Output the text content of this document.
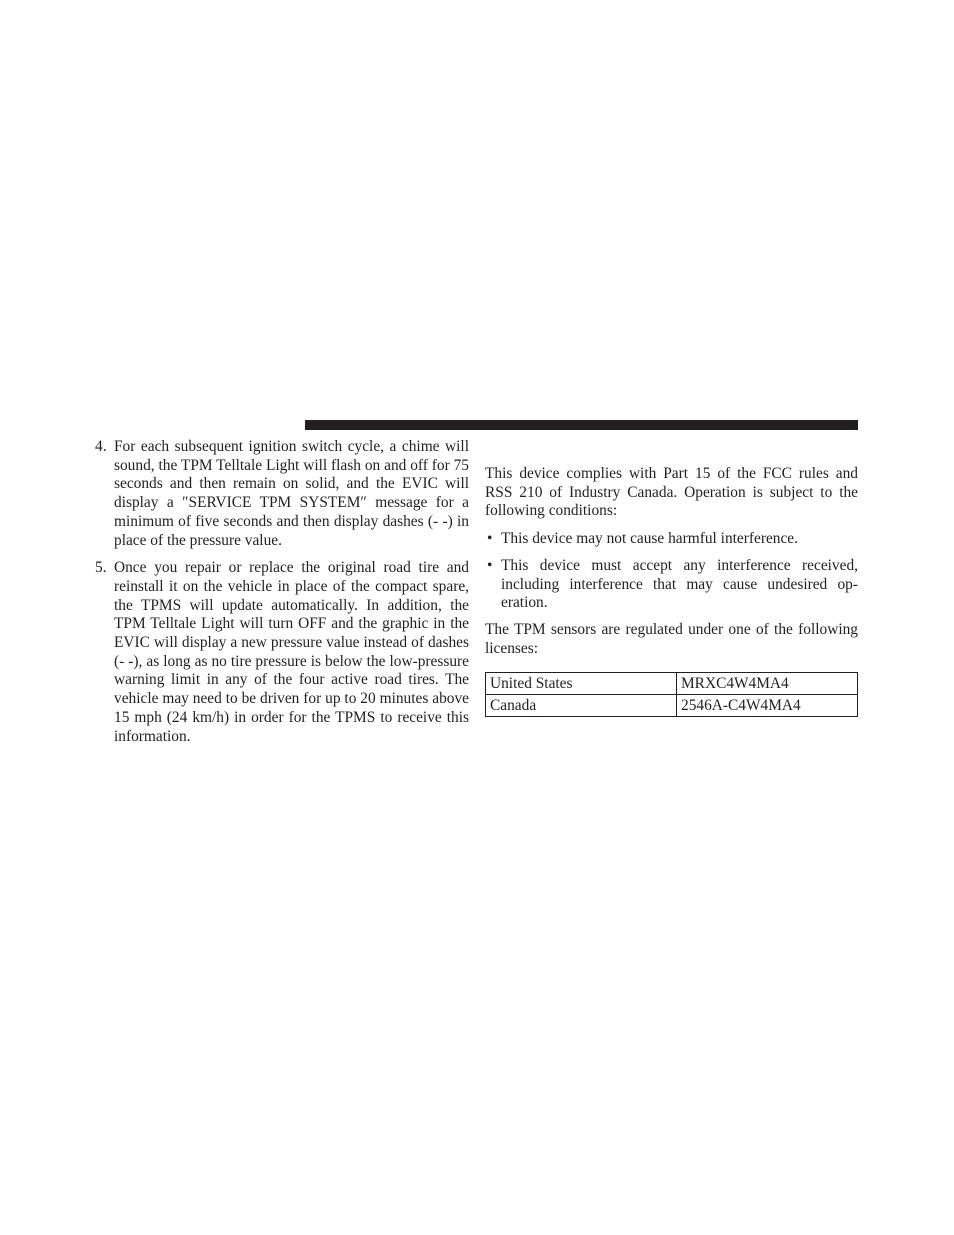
4. For each subsequent ignition switch cycle, a chime will sound, the TPM Telltale Light will flash on and off for 75 seconds and then remain on solid, and the EVIC will display a ″SERVICE TPM SYSTEM″ message for a minimum of five seconds and then display dashes (- -) in place of the pressure value.
5. Once you repair or replace the original road tire and reinstall it on the vehicle in place of the compact spare, the TPMS will update automatically. In addition, the TPM Telltale Light will turn OFF and the graphic in the EVIC will display a new pressure value instead of dashes (- -), as long as no tire pressure is below the low-pressure warning limit in any of the four active road tires. The vehicle may need to be driven for up to 20 minutes above 15 mph (24 km/h) in order for the TPMS to receive this information.

This device complies with Part 15 of the FCC rules and RSS 210 of Industry Canada. Operation is subject to the following conditions:

• This device may not cause harmful interference.
• This device must accept any interference received, including interference that may cause undesired operation.

The TPM sensors are regulated under one of the following licenses:

United States	MRXC4W4MA4
Canada	2546A-C4W4MA4
